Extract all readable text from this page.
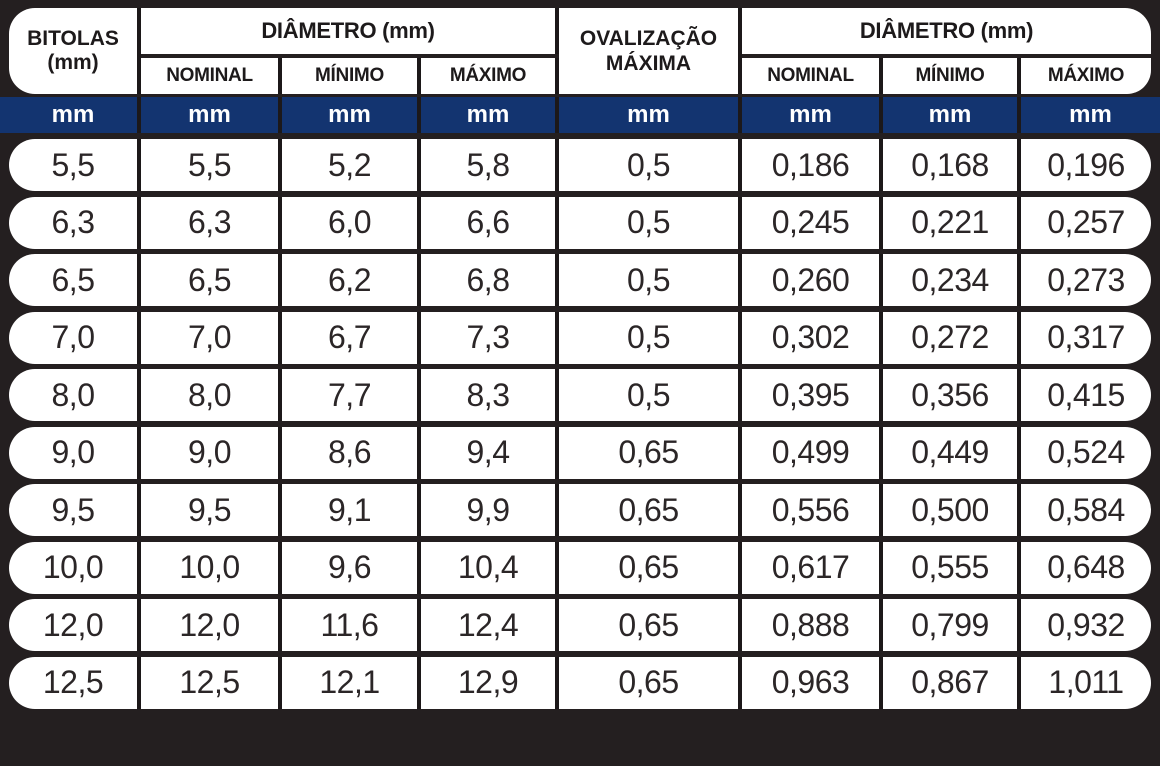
BITOLAS
(mm)
DIÂMETRO (mm)	OVALIZAÇÃO
MÁXIMA
DIÂMETRO (mm)
NOMINAL	MÍNIMO	MÁXIMO	NOMINAL	MÍNIMO	MÁXIMO
mm	mm	mm	mm	mm	mm	mm	mm
5,5	5,5	5,2	5,8	0,5	0,186	0,168	0,196
6,3	6,3	6,0	6,6	0,5	0,245	0,221	0,257
6,5	6,5	6,2	6,8	0,5	0,260	0,234	0,273
7,0	7,0	6,7	7,3	0,5	0,302	0,272	0,317
8,0	8,0	7,7	8,3	0,5	0,395	0,356	0,415
9,0	9,0	8,6	9,4	0,65	0,499	0,449	0,524
9,5	9,5	9,1	9,9	0,65	0,556	0,500	0,584
10,0	10,0	9,6	10,4	0,65	0,617	0,555	0,648
12,0	12,0	11,6	12,4	0,65	0,888	0,799	0,932
12,5	12,5	12,1	12,9	0,65	0,963	0,867	1,011
